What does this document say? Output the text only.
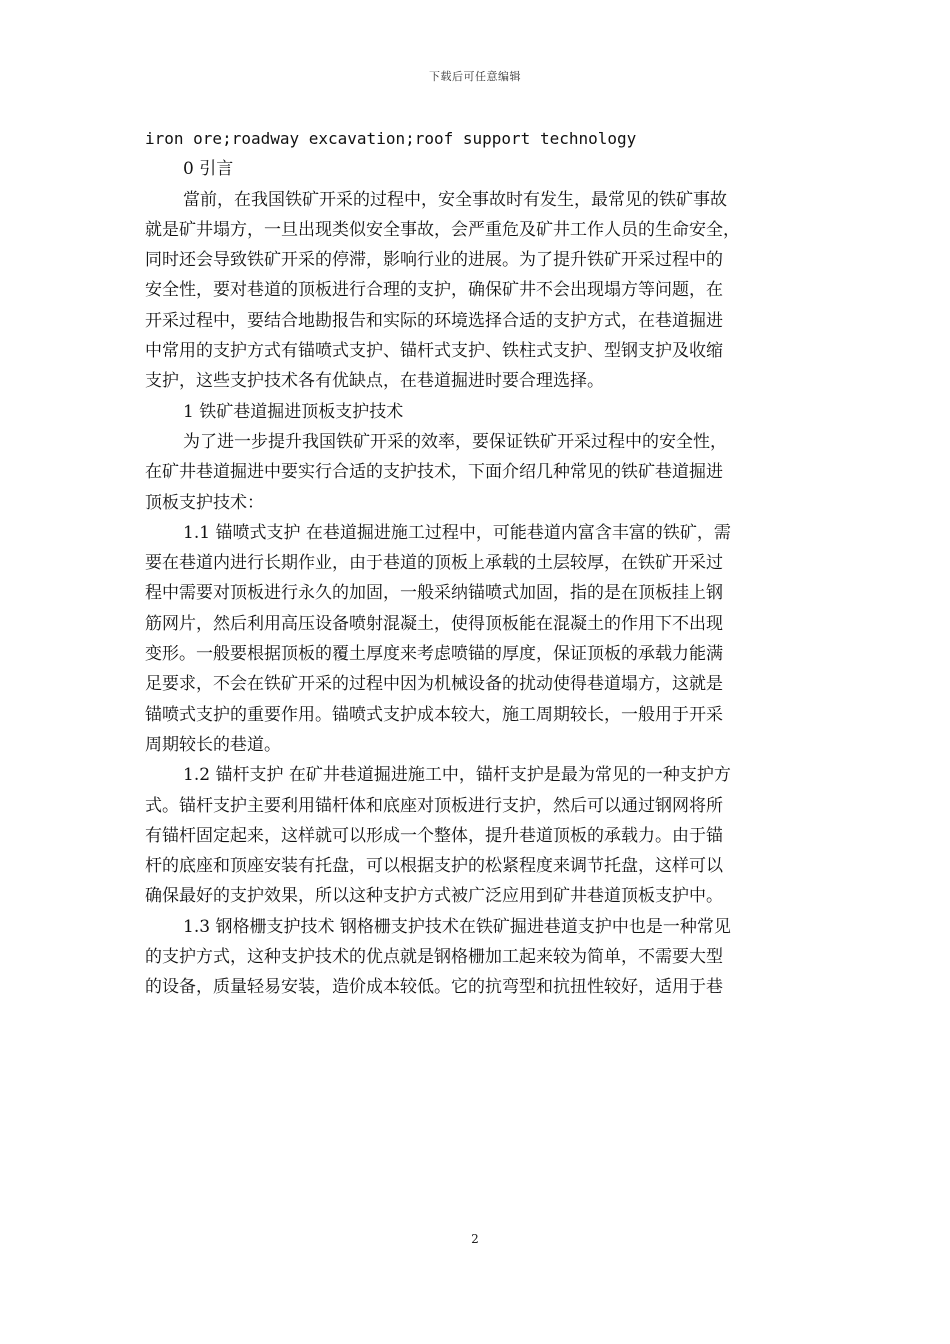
下载后可任意编辑
iron ore;roadway excavation;roof support technology
0 引言
當前，在我国铁矿开采的过程中，安全事故时有发生，最常见的铁矿事故
就是矿井塌方，一旦出现类似安全事故，会严重危及矿井工作人员的生命安全，
同时还会导致铁矿开采的停滞，影响行业的进展。为了提升铁矿开采过程中的
安全性，要对巷道的顶板进行合理的支护，确保矿井不会出现塌方等问题，在
开采过程中，要结合地勘报告和实际的环境选择合适的支护方式，在巷道掘进
中常用的支护方式有锚喷式支护、锚杆式支护、铁柱式支护、型钢支护及收缩
支护，这些支护技术各有优缺点，在巷道掘进时要合理选择。
1 铁矿巷道掘进顶板支护技术
为了进一步提升我国铁矿开采的效率，要保证铁矿开采过程中的安全性，
在矿井巷道掘进中要实行合适的支护技术，下面介绍几种常见的铁矿巷道掘进
顶板支护技术：
1.1 锚喷式支护 在巷道掘进施工过程中，可能巷道内富含丰富的铁矿，需
要在巷道内进行长期作业，由于巷道的顶板上承载的土层较厚，在铁矿开采过
程中需要对顶板进行永久的加固，一般采纳锚喷式加固，指的是在顶板挂上钢
筋网片，然后利用高压设备喷射混凝土，使得顶板能在混凝土的作用下不出现
变形。一般要根据顶板的覆土厚度来考虑喷锚的厚度，保证顶板的承载力能满
足要求，不会在铁矿开采的过程中因为机械设备的扰动使得巷道塌方，这就是
锚喷式支护的重要作用。锚喷式支护成本较大，施工周期较长，一般用于开采
周期较长的巷道。
1.2 锚杆支护 在矿井巷道掘进施工中，锚杆支护是最为常见的一种支护方
式。锚杆支护主要利用锚杆体和底座对顶板进行支护，然后可以通过钢网将所
有锚杆固定起来，这样就可以形成一个整体，提升巷道顶板的承载力。由于锚
杆的底座和顶座安装有托盘，可以根据支护的松紧程度来调节托盘，这样可以
确保最好的支护效果，所以这种支护方式被广泛应用到矿井巷道顶板支护中。
1.3 钢格栅支护技术 钢格栅支护技术在铁矿掘进巷道支护中也是一种常见
的支护方式，这种支护技术的优点就是钢格栅加工起来较为简单，不需要大型
的设备，质量轻易安装，造价成本较低。它的抗弯型和抗扭性较好，适用于巷
2
